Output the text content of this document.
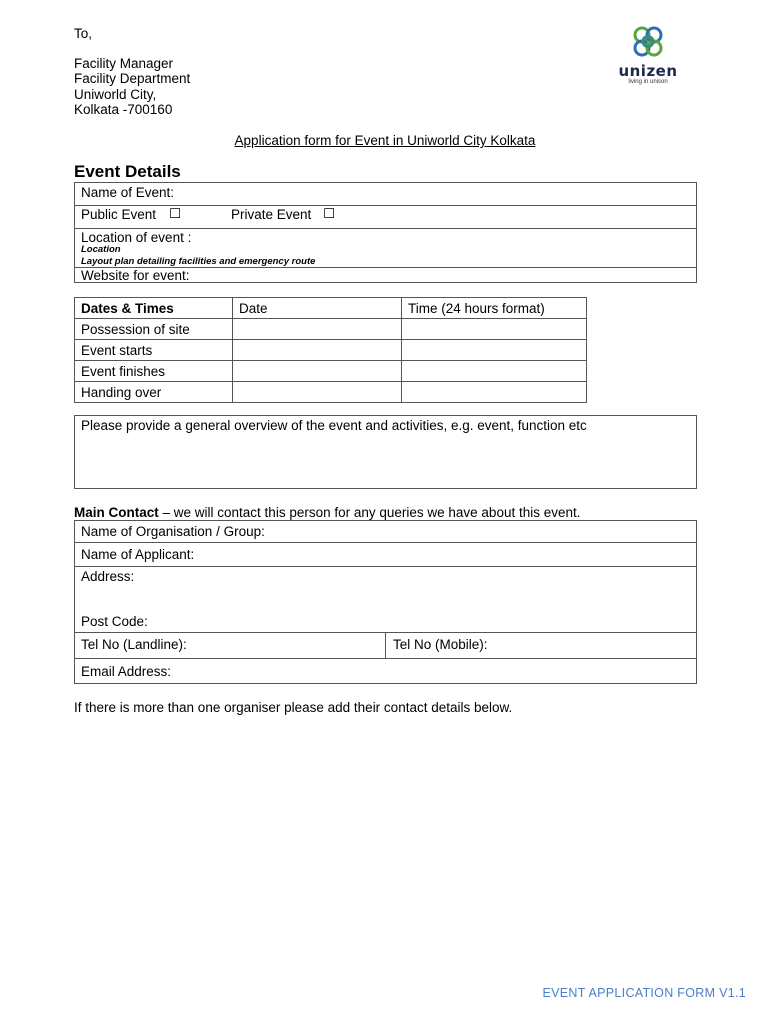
To,
Facility Manager
Facility Department
Uniworld City,
Kolkata -700160
unizen
living in unison
Application form for Event in Uniworld City Kolkata
Event Details
Name of Event:
Public Event ☐	Private Event ☐
Location of event :
Location
Layout plan detailing facilities and emergency route
Website for event:
Dates & Times	Date	Time (24 hours format)
Possession of site		
Event starts		
Event finishes		
Handing over		
Please provide a general overview of the event and activities, e.g. event, function etc
Main Contact – we will contact this person for any queries we have about this event.
Name of Organisation / Group:
Name of Applicant:
Address:
Post Code:
Tel No (Landline):	Tel No (Mobile):
Email Address:
If there is more than one organiser please add their contact details below.
EVENT APPLICATION FORM V1.1
